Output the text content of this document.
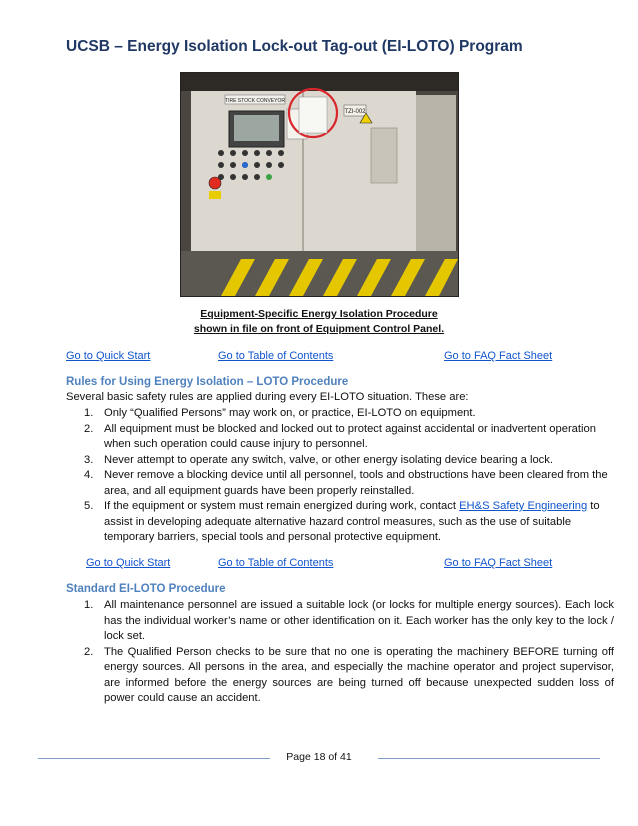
UCSB – Energy Isolation Lock-out Tag-out (EI-LOTO) Program
TIRE STOCK CONVEYOR
TZI-002
Equipment-Specific Energy Isolation Procedure
shown in file on front of Equipment Control Panel.
Go to Quick Start	Go to Table of Contents	Go to FAQ Fact Sheet
Rules for Using Energy Isolation – LOTO Procedure
Several basic safety rules are applied during every EI-LOTO situation. These are:
1. Only “Qualified Persons” may work on, or practice, EI-LOTO on equipment.
2. All equipment must be blocked and locked out to protect against accidental or inadvertent operation when such operation could cause injury to personnel.
3. Never attempt to operate any switch, valve, or other energy isolating device bearing a lock.
4. Never remove a blocking device until all personnel, tools and obstructions have been cleared from the area, and all equipment guards have been properly reinstalled.
5. If the equipment or system must remain energized during work, contact EH&S Safety Engineering to assist in developing adequate alternative hazard control measures, such as the use of suitable temporary barriers, special tools and personal protective equipment.
Go to Quick Start	Go to Table of Contents	Go to FAQ Fact Sheet
Standard EI-LOTO Procedure
1. All maintenance personnel are issued a suitable lock (or locks for multiple energy sources). Each lock has the individual worker’s name or other identification on it. Each worker has the only key to the lock / lock set.
2. The Qualified Person checks to be sure that no one is operating the machinery BEFORE turning off energy sources. All persons in the area, and especially the machine operator and project supervisor, are informed before the energy sources are being turned off because unexpected sudden loss of power could cause an accident.
Page 18 of 41
